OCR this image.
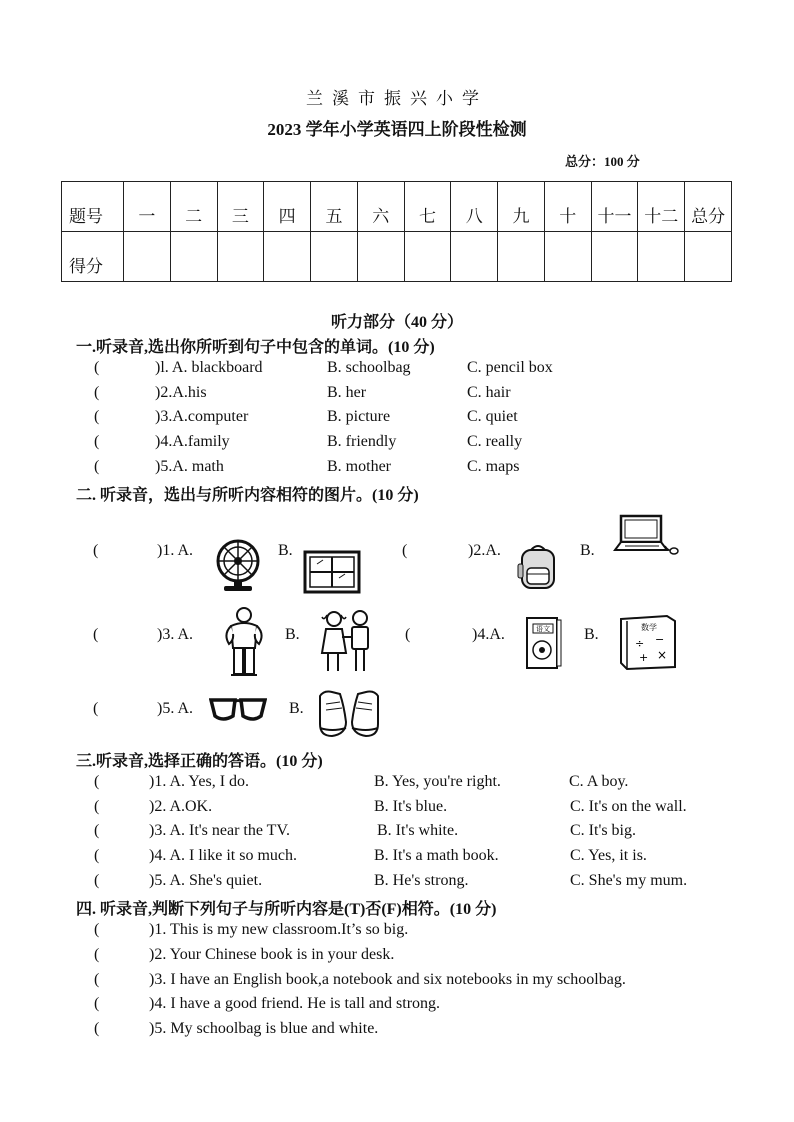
兰溪市振兴小学
2023 学年小学英语四上阶段性检测
总分：100 分
题号	一	二	三	四	五	六	七	八	九	十	十一	十二	总分
得分													
听力部分（40 分）
一.听录音,选出你所听到句子中包含的单词。(10 分)
(	)l. A. blackboard	B. schoolbag	C. pencil box
(	)2.A.his	B. her	C. hair
(	)3.A.computer	B. picture	C. quiet
(	)4.A.family	B. friendly	C. really
(	)5.A. math	B. mother	C. maps
二. 听录音，选出与所听内容相符的图片。(10 分)
(	)1. A.	B.	(	)2.A.	B.
(	)3. A.	B.	(	)4.A.	语文 B.	数学
÷ −
+ ×
(	)5. A.	B.
三.听录音,选择正确的答语。(10 分)
(	)1. A. Yes, I do.	B. Yes, you're right.	C. A boy.
(	)2. A.OK.	B. It's blue.	C. It's on the wall.
(	)3. A. It's near the TV.	B. It's white.	C. It's big.
(	)4. A. I like it so much.	B. It's a math book.	C. Yes, it is.
(	)5. A. She's quiet.	B. He's strong.	C. She's my mum.
四. 听录音,判断下列句子与所听内容是(T)否(F)相符。(10 分)
(	)1. This is my new classroom.It’s so big.
(	)2. Your Chinese book is in your desk.
(	)3. I have an English book,a notebook and six notebooks in my schoolbag.
(	)4. I have a good friend. He is tall and strong.
(	)5. My schoolbag is blue and white.
